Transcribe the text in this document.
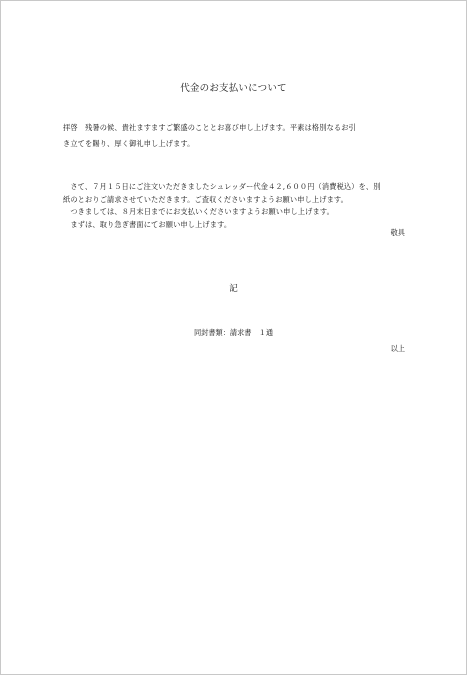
代金のお支払いについて
拝啓　残暑の候、貴社ますますご繁盛のこととお喜び申し上げます。平素は格別なるお引
き立てを賜り、厚く御礼申し上げます。
　さて、７月１５日にご注文いただきましたシュレッダー代金４２,６００円（消費税込）を、別
紙のとおりご請求させていただきます。ご査収くださいますようお願い申し上げます。
　つきましては、８月末日までにお支払いくださいますようお願い申し上げます。
　まずは、取り急ぎ書面にてお願い申し上げます。
敬具
記
同封書類：請求書　１通
以上
